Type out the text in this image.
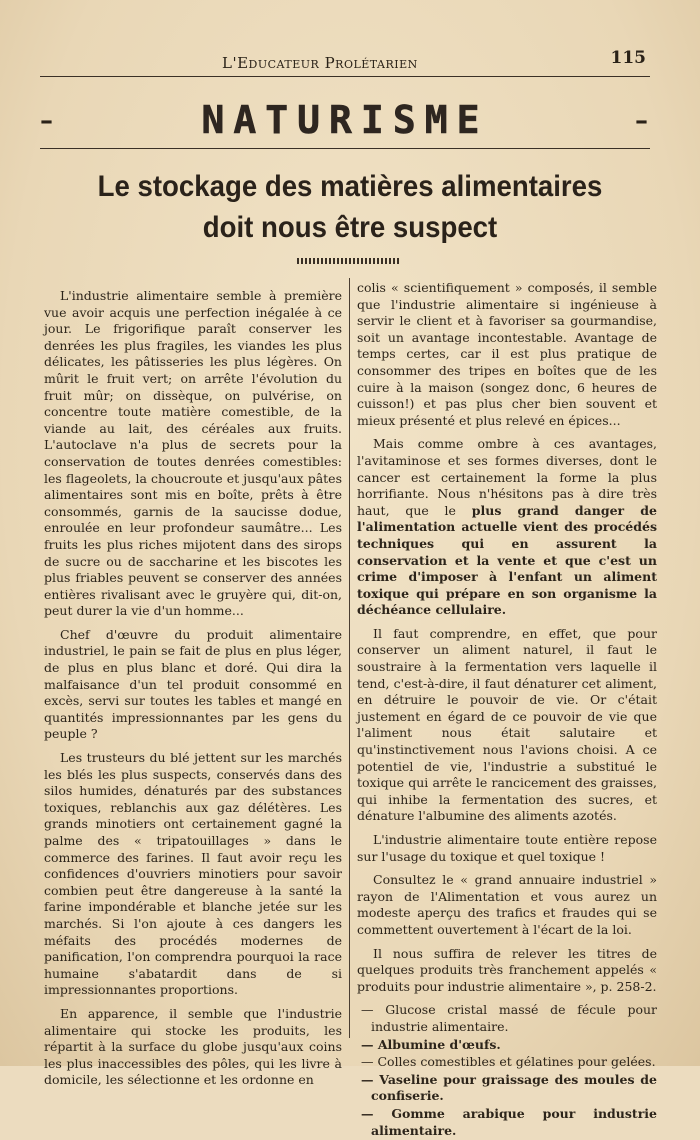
L'Educateur Prolétarien	115
–	NATURISME	–
Le stockage des matières alimentaires
doit nous être suspect

L'industrie alimentaire semble à première vue avoir acquis une perfection inégalée à ce jour. Le frigorifique paraît conserver les denrées les plus fragiles, les viandes les plus délicates, les pâtisseries les plus légères. On mûrit le fruit vert; on arrête l'évolution du fruit mûr; on dissèque, on pulvérise, on concentre toute matière comestible, de la viande au lait, des céréales aux fruits. L'autoclave n'a plus de secrets pour la conservation de toutes denrées comestibles: les flageolets, la choucroute et jusqu'aux pâtes alimentaires sont mis en boîte, prêts à être consommés, garnis de la saucisse dodue, enroulée en leur profondeur saumâtre... Les fruits les plus riches mijotent dans des sirops de sucre ou de saccharine et les biscotes les plus friables peuvent se conserver des années entières rivalisant avec le gruyère qui, dit-on, peut durer la vie d'un homme...

Chef d'œuvre du produit alimentaire industriel, le pain se fait de plus en plus léger, de plus en plus blanc et doré. Qui dira la malfaisance d'un tel produit consommé en excès, servi sur toutes les tables et mangé en quantités impressionnantes par les gens du peuple ?

Les trusteurs du blé jettent sur les marchés les blés les plus suspects, conservés dans des silos humides, dénaturés par des substances toxiques, reblanchis aux gaz délétères. Les grands minotiers ont certainement gagné la palme des « tripatouillages » dans le commerce des farines. Il faut avoir reçu les confidences d'ouvriers minotiers pour savoir combien peut être dangereuse à la santé la farine impondérable et blanche jetée sur les marchés. Si l'on ajoute à ces dangers les méfaits des procédés modernes de panification, l'on comprendra pourquoi la race humaine s'abatardit dans de si impressionnantes proportions.

En apparence, il semble que l'industrie alimentaire qui stocke les produits, les répartit à la surface du globe jusqu'aux coins les plus inaccessibles des pôles, qui les livre à domicile, les sélectionne et les ordonne en

colis « scientifiquement » composés, il semble que l'industrie alimentaire si ingénieuse à servir le client et à favoriser sa gourmandise, soit un avantage incontestable. Avantage de temps certes, car il est plus pratique de consommer des tripes en boîtes que de les cuire à la maison (songez donc, 6 heures de cuisson!) et pas plus cher bien souvent et mieux présenté et plus relevé en épices...

Mais comme ombre à ces avantages, l'avitaminose et ses formes diverses, dont le cancer est certainement la forme la plus horrifiante. Nous n'hésitons pas à dire très haut, que le plus grand danger de l'alimentation actuelle vient des procédés techniques qui en assurent la conservation et la vente et que c'est un crime d'imposer à l'enfant un aliment toxique qui prépare en son organisme la déchéance cellulaire.

Il faut comprendre, en effet, que pour conserver un aliment naturel, il faut le soustraire à la fermentation vers laquelle il tend, c'est-à-dire, il faut dénaturer cet aliment, en détruire le pouvoir de vie. Or c'était justement en égard de ce pouvoir de vie que l'aliment nous était salutaire et qu'instinctivement nous l'avions choisi. A ce potentiel de vie, l'industrie a substitué le toxique qui arrête le rancicement des graisses, qui inhibe la fermentation des sucres, et dénature l'albumine des aliments azotés.

L'industrie alimentaire toute entière repose sur l'usage du toxique et quel toxique !

Consultez le « grand annuaire industriel » rayon de l'Alimentation et vous aurez un modeste aperçu des trafics et fraudes qui se commettent ouvertement à l'écart de la loi.

Il nous suffira de relever les titres de quelques produits très franchement appelés « produits pour industrie alimentaire », p. 258-2.

— Glucose cristal massé de fécule pour industrie alimentaire.
— Albumine d'œufs.
— Colles comestibles et gélatines pour gelées.
— Vaseline pour graissage des moules de confiserie.
— Gomme arabique pour industrie alimentaire.
